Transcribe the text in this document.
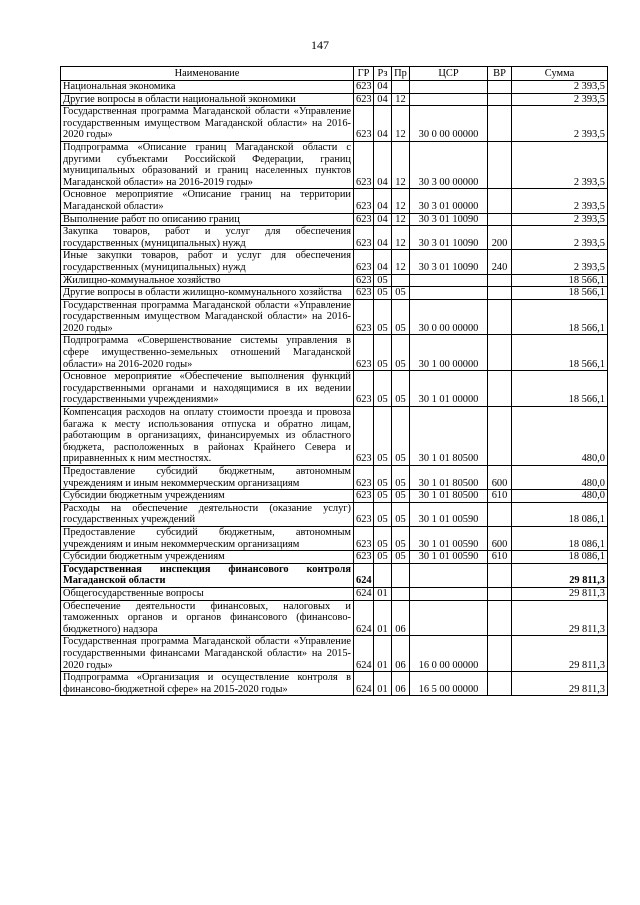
147
Наименование	ГР	Рз	Пр	ЦСР	ВР	Сумма
Национальная экономика	623	04				2 393,5
Другие вопросы в области национальной экономики	623	04	12			2 393,5
Государственная программа Магаданской области «Управление государственным имуществом Магаданской области» на 2016-2020 годы»	623	04	12	30 0 00 00000		2 393,5
Подпрограмма «Описание границ Магаданской области с другими субъектами Российской Федерации, границ муниципальных образований и границ населенных пунктов Магаданской области» на 2016-2019 годы»	623	04	12	30 3 00 00000		2 393,5
Основное мероприятие «Описание границ на территории Магаданской области»	623	04	12	30 3 01 00000		2 393,5
Выполнение работ по описанию границ	623	04	12	30 3 01 10090		2 393,5
Закупка товаров, работ и услуг для обеспечения государственных (муниципальных) нужд	623	04	12	30 3 01 10090	200	2 393,5
Иные закупки товаров, работ и услуг для обеспечения государственных (муниципальных) нужд	623	04	12	30 3 01 10090	240	2 393,5
Жилищно-коммунальное хозяйство	623	05				18 566,1
Другие вопросы в области жилищно-коммунального хозяйства	623	05	05			18 566,1
Государственная программа Магаданской области «Управление государственным имуществом Магаданской области» на 2016-2020 годы»	623	05	05	30 0 00 00000		18 566,1
Подпрограмма «Совершенствование системы управления в сфере имущественно-земельных отношений Магаданской области» на 2016-2020 годы»	623	05	05	30 1 00 00000		18 566,1
Основное мероприятие «Обеспечение выполнения функций государственными органами и находящимися в их ведении государственными учреждениями»	623	05	05	30 1 01 00000		18 566,1
Компенсация расходов на оплату стоимости проезда и провоза багажа к месту использования отпуска и обратно лицам, работающим в организациях, финансируемых из областного бюджета, расположенных в районах Крайнего Севера и приравненных к ним местностях.	623	05	05	30 1 01 80500		480,0
Предоставление субсидий бюджетным, автономным учреждениям и иным некоммерческим организациям	623	05	05	30 1 01 80500	600	480,0
Субсидии бюджетным учреждениям	623	05	05	30 1 01 80500	610	480,0
Расходы на обеспечение деятельности (оказание услуг) государственных учреждений	623	05	05	30 1 01 00590		18 086,1
Предоставление субсидий бюджетным, автономным учреждениям и иным некоммерческим организациям	623	05	05	30 1 01 00590	600	18 086,1
Субсидии бюджетным учреждениям	623	05	05	30 1 01 00590	610	18 086,1
Государственная инспекция финансового контроля Магаданской области	624					29 811,3
Общегосударственные вопросы	624	01				29 811,3
Обеспечение деятельности финансовых, налоговых и таможенных органов и органов финансового (финансово-бюджетного) надзора	624	01	06			29 811,3
Государственная программа Магаданской области «Управление государственными финансами Магаданской области» на 2015-2020 годы»	624	01	06	16 0 00 00000		29 811,3
Подпрограмма «Организация и осуществление контроля в финансово-бюджетной сфере» на 2015-2020 годы»	624	01	06	16 5 00 00000		29 811,3
